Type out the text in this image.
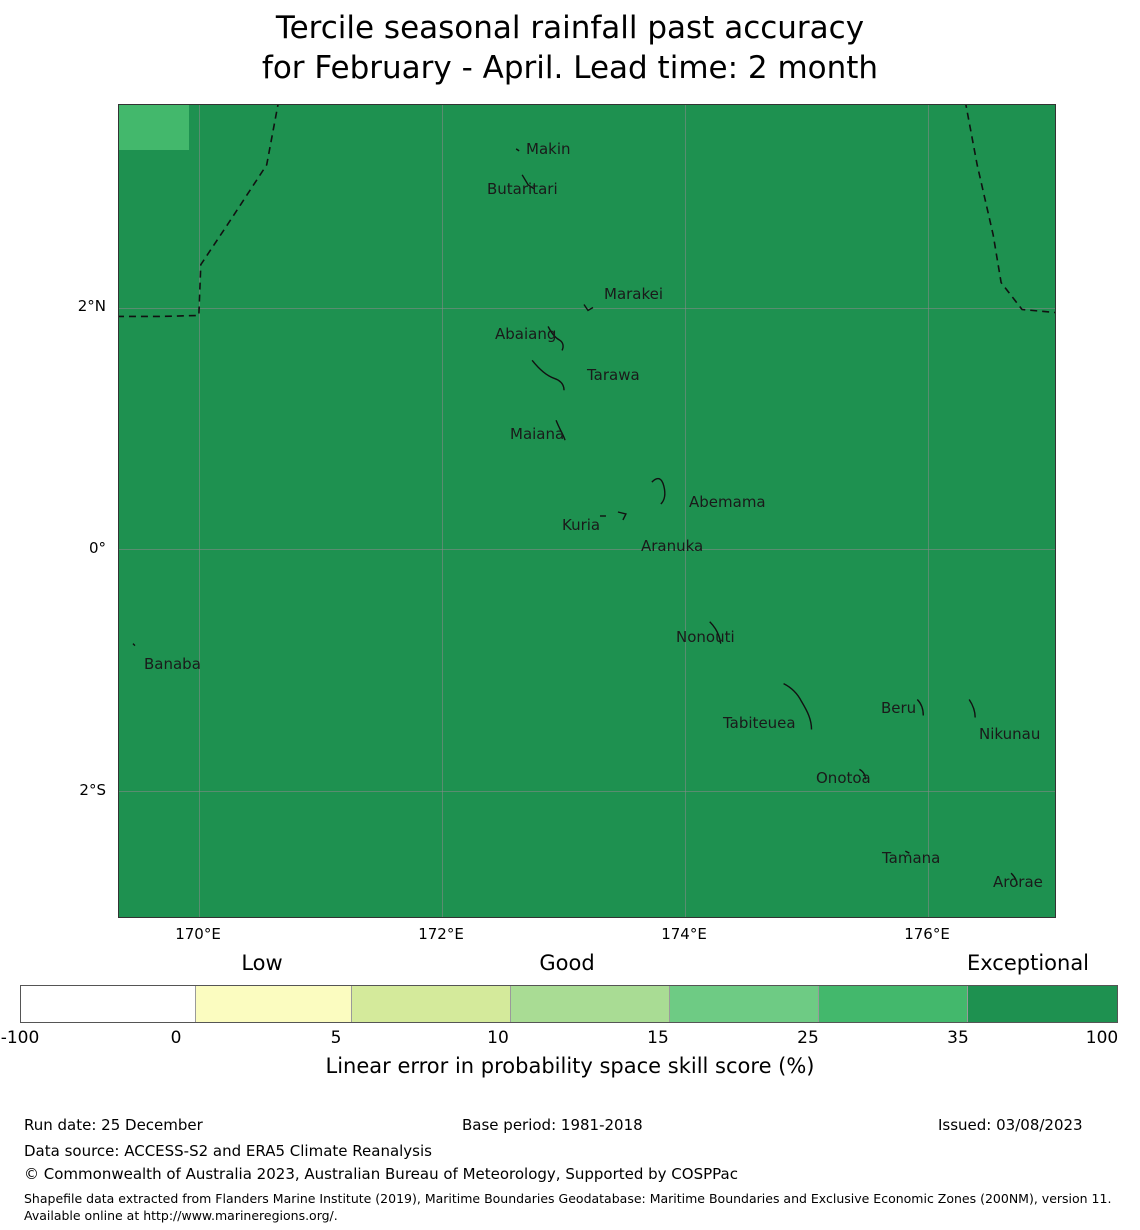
Tercile seasonal rainfall past accuracy
for February - April. Lead time: 2 month
Makin
Butaritari
Marakei
Abaiang
Tarawa
Maiana
Abemama
Kuria
Aranuka
Banaba
Nonouti
Tabiteuea
Beru
Nikunau
Onotoa
Tamana
Arorae
2°N
0°
2°S
170°E	172°E	174°E	176°E
Low	Good	Exceptional
-100	0	5	10	15	25	35	100
Linear error in probability space skill score (%)
Run date: 25 December	Base period: 1981-2018	Issued: 03/08/2023
Data source: ACCESS-S2 and ERA5 Climate Reanalysis
© Commonwealth of Australia 2023, Australian Bureau of Meteorology, Supported by COSPPac
Shapefile data extracted from Flanders Marine Institute (2019), Maritime Boundaries Geodatabase: Maritime Boundaries and Exclusive Economic Zones (200NM), version 11. Available online at http://www.marineregions.org/.
